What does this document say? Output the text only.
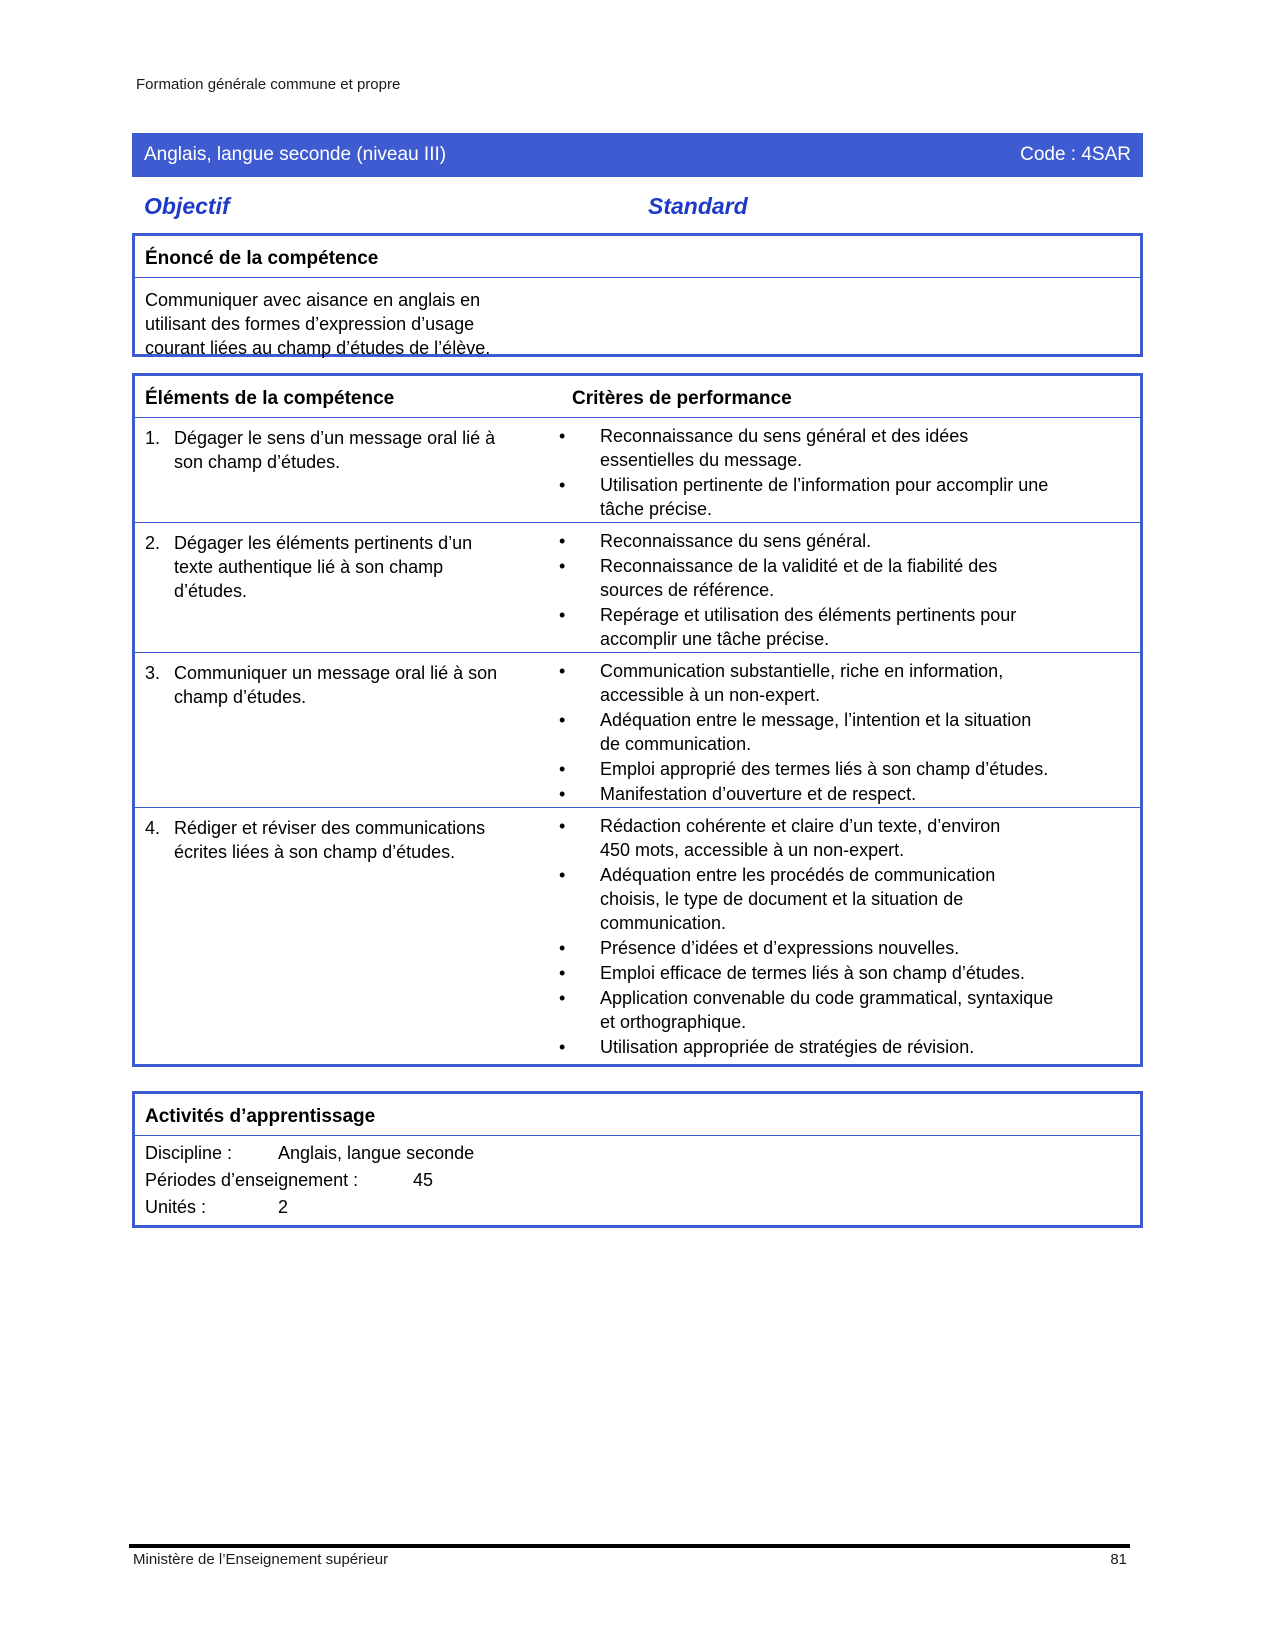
Formation générale commune et propre
Anglais, langue seconde (niveau III)	Code : 4SAR
Objectif	Standard
Énoncé de la compétence
Communiquer avec aisance en anglais en
utilisant des formes d’expression d’usage
courant liées au champ d’études de l’élève.
Éléments de la compétence	Critères de performance
1. Dégager le sens d’un message oral lié à
son champ d’études.
•	Reconnaissance du sens général et des idées
essentielles du message.
•	Utilisation pertinente de l’information pour accomplir une
tâche précise.
2. Dégager les éléments pertinents d’un
texte authentique lié à son champ
d’études.
•	Reconnaissance du sens général.
•	Reconnaissance de la validité et de la fiabilité des
sources de référence.
•	Repérage et utilisation des éléments pertinents pour
accomplir une tâche précise.
3. Communiquer un message oral lié à son
champ d’études.
•	Communication substantielle, riche en information,
accessible à un non-expert.
•	Adéquation entre le message, l’intention et la situation
de communication.
•	Emploi approprié des termes liés à son champ d’études.
•	Manifestation d’ouverture et de respect.
4. Rédiger et réviser des communications
écrites liées à son champ d’études.
•	Rédaction cohérente et claire d’un texte, d’environ
450 mots, accessible à un non-expert.
•	Adéquation entre les procédés de communication
choisis, le type de document et la situation de
communication.
•	Présence d’idées et d’expressions nouvelles.
•	Emploi efficace de termes liés à son champ d’études.
•	Application convenable du code grammatical, syntaxique
et orthographique.
•	Utilisation appropriée de stratégies de révision.
Activités d’apprentissage
Discipline :	Anglais, langue seconde
Périodes d’enseignement :	45
Unités :	2
Ministère de l’Enseignement supérieur	81
